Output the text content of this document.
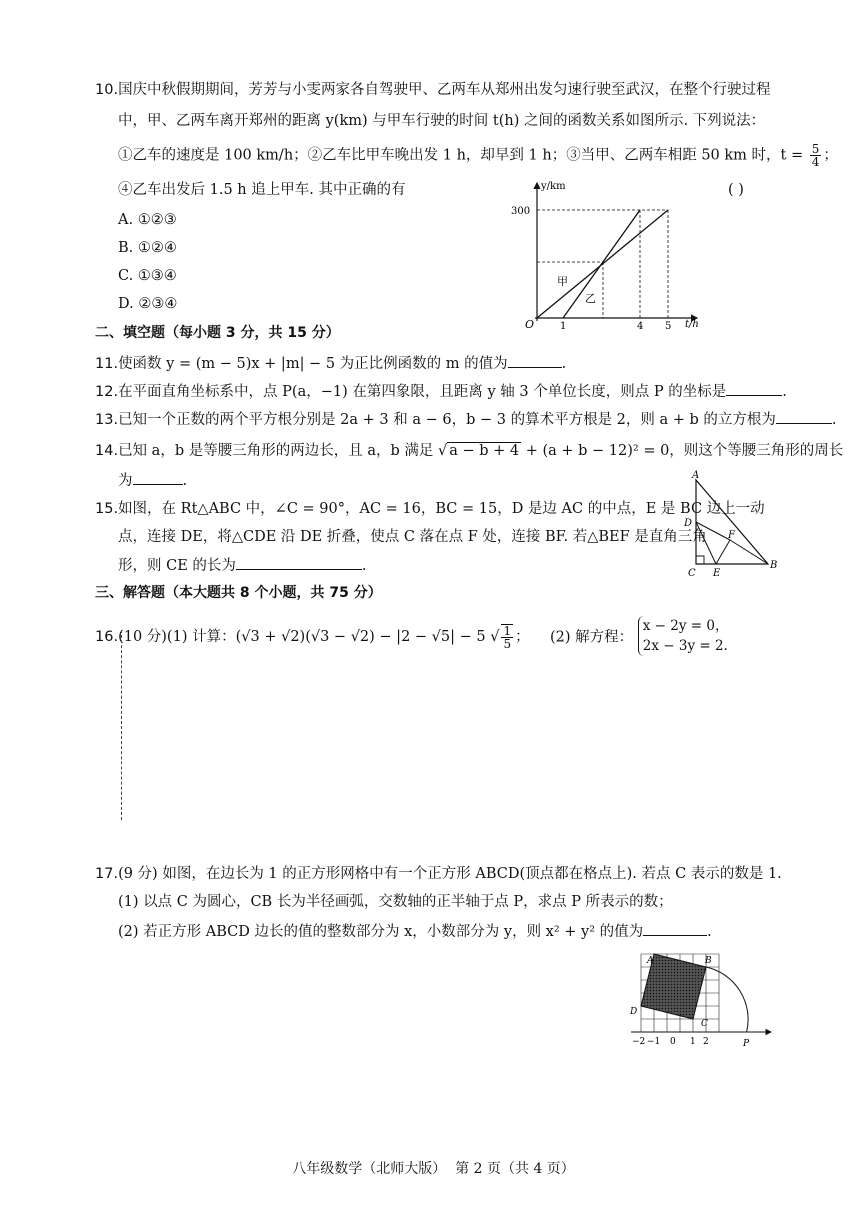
10.国庆中秋假期期间，芳芳与小雯两家各自驾驶甲、乙两车从郑州出发匀速行驶至武汉，在整个行驶过程
中，甲、乙两车离开郑州的距离 y(km) 与甲车行驶的时间 t(h) 之间的函数关系如图所示. 下列说法：
①乙车的速度是 100 km/h；②乙车比甲车晚出发 1 h，却早到 1 h；③当甲、乙两车相距 50 km 时，$t = \frac{5}{4}$ ；
④乙车出发后 1.5 h 追上甲车. 其中正确的有	( )
A. ①②③
B. ①②④
C. ①③④
D. ②③④
y/km
t/h
O
300
1	4 5
甲
乙
二、填空题（每小题 3 分，共 15 分）
11.使函数 y = (m − 5)x + |m| − 5 为正比例函数的 m 的值为	.
12.在平面直角坐标系中，点 P(a，−1) 在第四象限，且距离 y 轴 3 个单位长度，则点 P 的坐标是	.
13.已知一个正数的两个平方根分别是 2a + 3 和 a − 6，b − 3 的算术平方根是 2，则 a + b 的立方根为	.
14.已知 a，b 是等腰三角形的两边长，且 a，b 满足 √ a − b + 4 + (a + b − 12)² = 0，则这个等腰三角形的周长
为	.
15.如图，在 Rt△ABC 中，∠C = 90°，AC = 16，BC = 15，D 是边 AC 的中点，E 是 BC 边上一动
点，连接 DE，将△CDE 沿 DE 折叠，使点 C 落在点 F 处，连接 BF. 若△BEF 是直角三角
形，则 CE 的长为	.
A
D
C E
F
B
三、解答题（本大题共 8 个小题，共 75 分）
16.(10 分)(1) 计算：(√3 + √2)(√3 − √2) − |2 − √5| − 5 √ $\frac{1}{5}$ ； (2) 解方程：
x − 2y = 0，
2x − 3y = 2.
17.(9 分) 如图，在边长为 1 的正方形网格中有一个正方形 ABCD(顶点都在格点上). 若点 C 表示的数是 1.
(1) 以点 C 为圆心，CB 长为半径画弧，交数轴的正半轴于点 P，求点 P 所表示的数；
(2) 若正方形 ABCD 边长的值的整数部分为 x，小数部分为 y，则 x² + y² 的值为	.
A	B
C
D
P
−2 −1 0 1 2
八年级数学（北师大版）  第 2 页（共 4 页）
